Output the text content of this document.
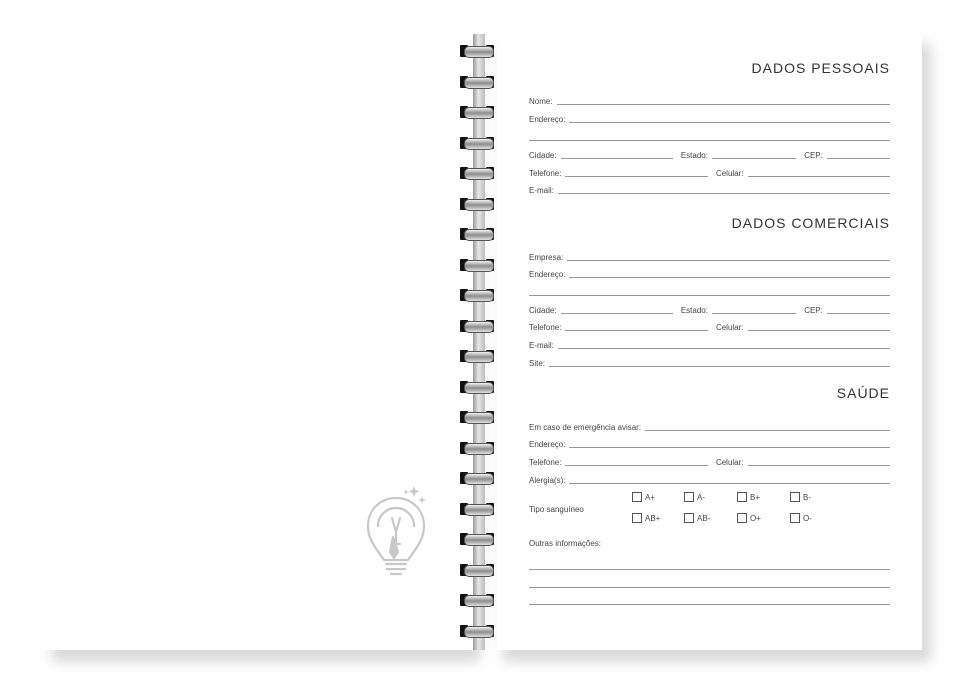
DADOS PESSOAIS
Nome:
Endereço:
Cidade:	Estado:	CEP:
Telefone:	Celular:
E-mail:
DADOS COMERCIAIS
Empresa:
Endereço:
Cidade:	Estado:	CEP:
Telefone:	Celular:
E-mail:
Site:
SAÚDE
Em caso de emergência avisar:
Endereço:
Telefone:	Celular:
Alergia(s):
Tipo sanguíneo
A+	A-	B+	B-
AB+	AB-	O+	O-
Outras informações:
